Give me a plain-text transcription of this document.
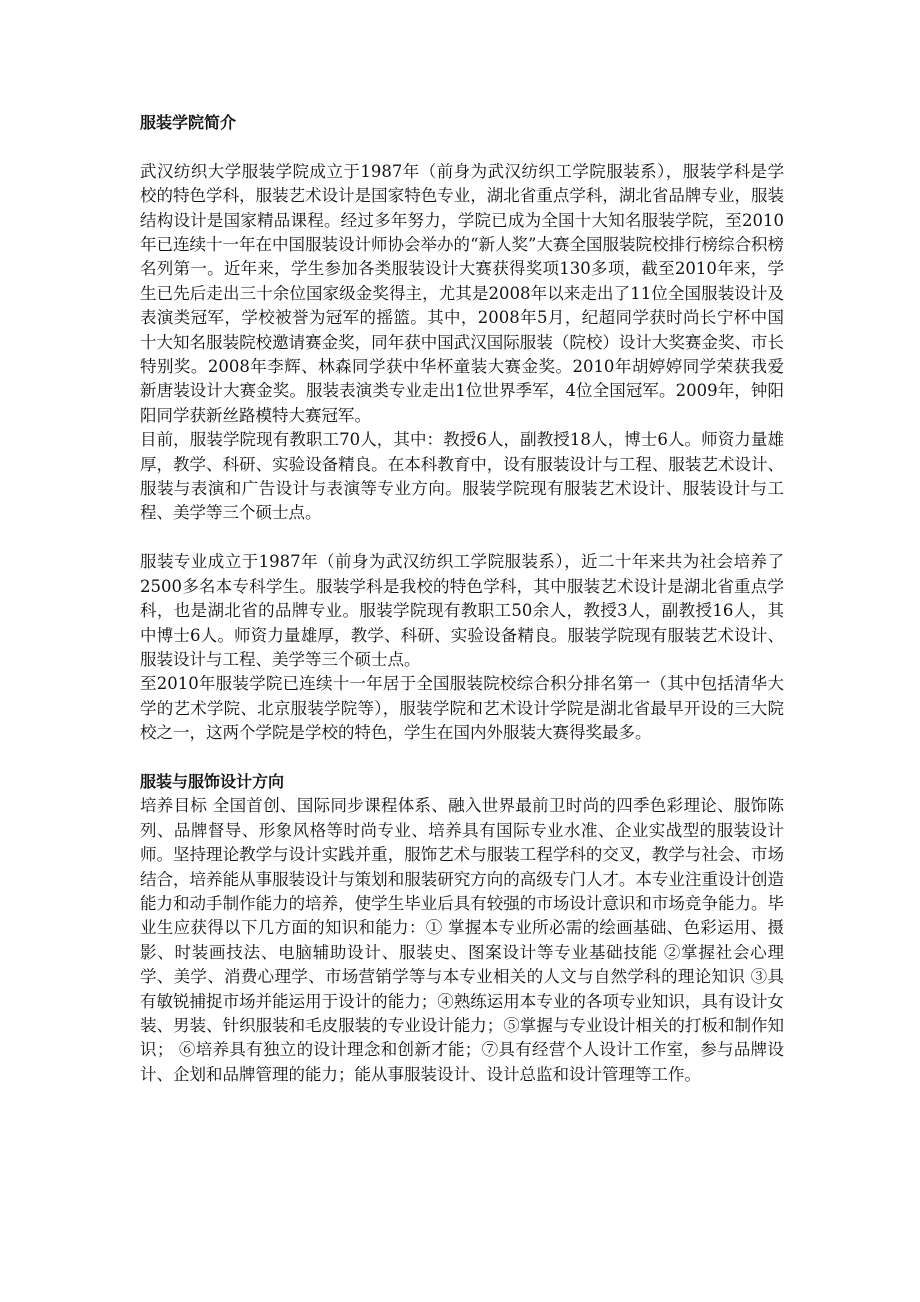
服装学院简介

武汉纺织大学服装学院成立于1987年（前身为武汉纺织工学院服装系），服装学科是学校的特色学科，服装艺术设计是国家特色专业，湖北省重点学科，湖北省品牌专业，服装结构设计是国家精品课程。经过多年努力，学院已成为全国十大知名服装学院，至2010年已连续十一年在中国服装设计师协会举办的“新人奖”大赛全国服装院校排行榜综合积榜名列第一。近年来，学生参加各类服装设计大赛获得奖项130多项，截至2010年来，学生已先后走出三十余位国家级金奖得主，尤其是2008年以来走出了11位全国服装设计及表演类冠军，学校被誉为冠军的摇篮。其中，2008年5月，纪超同学获时尚长宁杯中国十大知名服装院校邀请赛金奖，同年获中国武汉国际服装（院校）设计大奖赛金奖、市长特别奖。2008年李辉、林森同学获中华杯童装大赛金奖。2010年胡婷婷同学荣获我爱新唐装设计大赛金奖。服装表演类专业走出1位世界季军，4位全国冠军。2009年，钟阳阳同学获新丝路模特大赛冠军。

目前，服装学院现有教职工70人，其中：教授6人，副教授18人，博士6人。师资力量雄厚，教学、科研、实验设备精良。在本科教育中，设有服装设计与工程、服装艺术设计、服装与表演和广告设计与表演等专业方向。服装学院现有服装艺术设计、服装设计与工程、美学等三个硕士点。

服装专业成立于1987年（前身为武汉纺织工学院服装系），近二十年来共为社会培养了2500多名本专科学生。服装学科是我校的特色学科，其中服装艺术设计是湖北省重点学科，也是湖北省的品牌专业。服装学院现有教职工50余人，教授3人，副教授16人，其中博士6人。师资力量雄厚，教学、科研、实验设备精良。服装学院现有服装艺术设计、服装设计与工程、美学等三个硕士点。

至2010年服装学院已连续十一年居于全国服装院校综合积分排名第一（其中包括清华大学的艺术学院、北京服装学院等），服装学院和艺术设计学院是湖北省最早开设的三大院校之一，这两个学院是学校的特色，学生在国内外服装大赛得奖最多。

服装与服饰设计方向

培养目标 全国首创、国际同步课程体系、融入世界最前卫时尚的四季色彩理论、服饰陈列、品牌督导、形象风格等时尚专业、培养具有国际专业水准、企业实战型的服装设计师。坚持理论教学与设计实践并重，服饰艺术与服装工程学科的交叉，教学与社会、市场结合，培养能从事服装设计与策划和服装研究方向的高级专门人才。本专业注重设计创造能力和动手制作能力的培养，使学生毕业后具有较强的市场设计意识和市场竞争能力。毕业生应获得以下几方面的知识和能力：① 掌握本专业所必需的绘画基础、色彩运用、摄影、时装画技法、电脑辅助设计、服装史、图案设计等专业基础技能 ②掌握社会心理学、美学、消费心理学、市场营销学等与本专业相关的人文与自然学科的理论知识 ③具有敏锐捕捉市场并能运用于设计的能力；④熟练运用本专业的各项专业知识，具有设计女装、男装、针织服装和毛皮服装的专业设计能力；⑤掌握与专业设计相关的打板和制作知识； ⑥培养具有独立的设计理念和创新才能；⑦具有经营个人设计工作室，参与品牌设计、企划和品牌管理的能力；能从事服装设计、设计总监和设计管理等工作。
